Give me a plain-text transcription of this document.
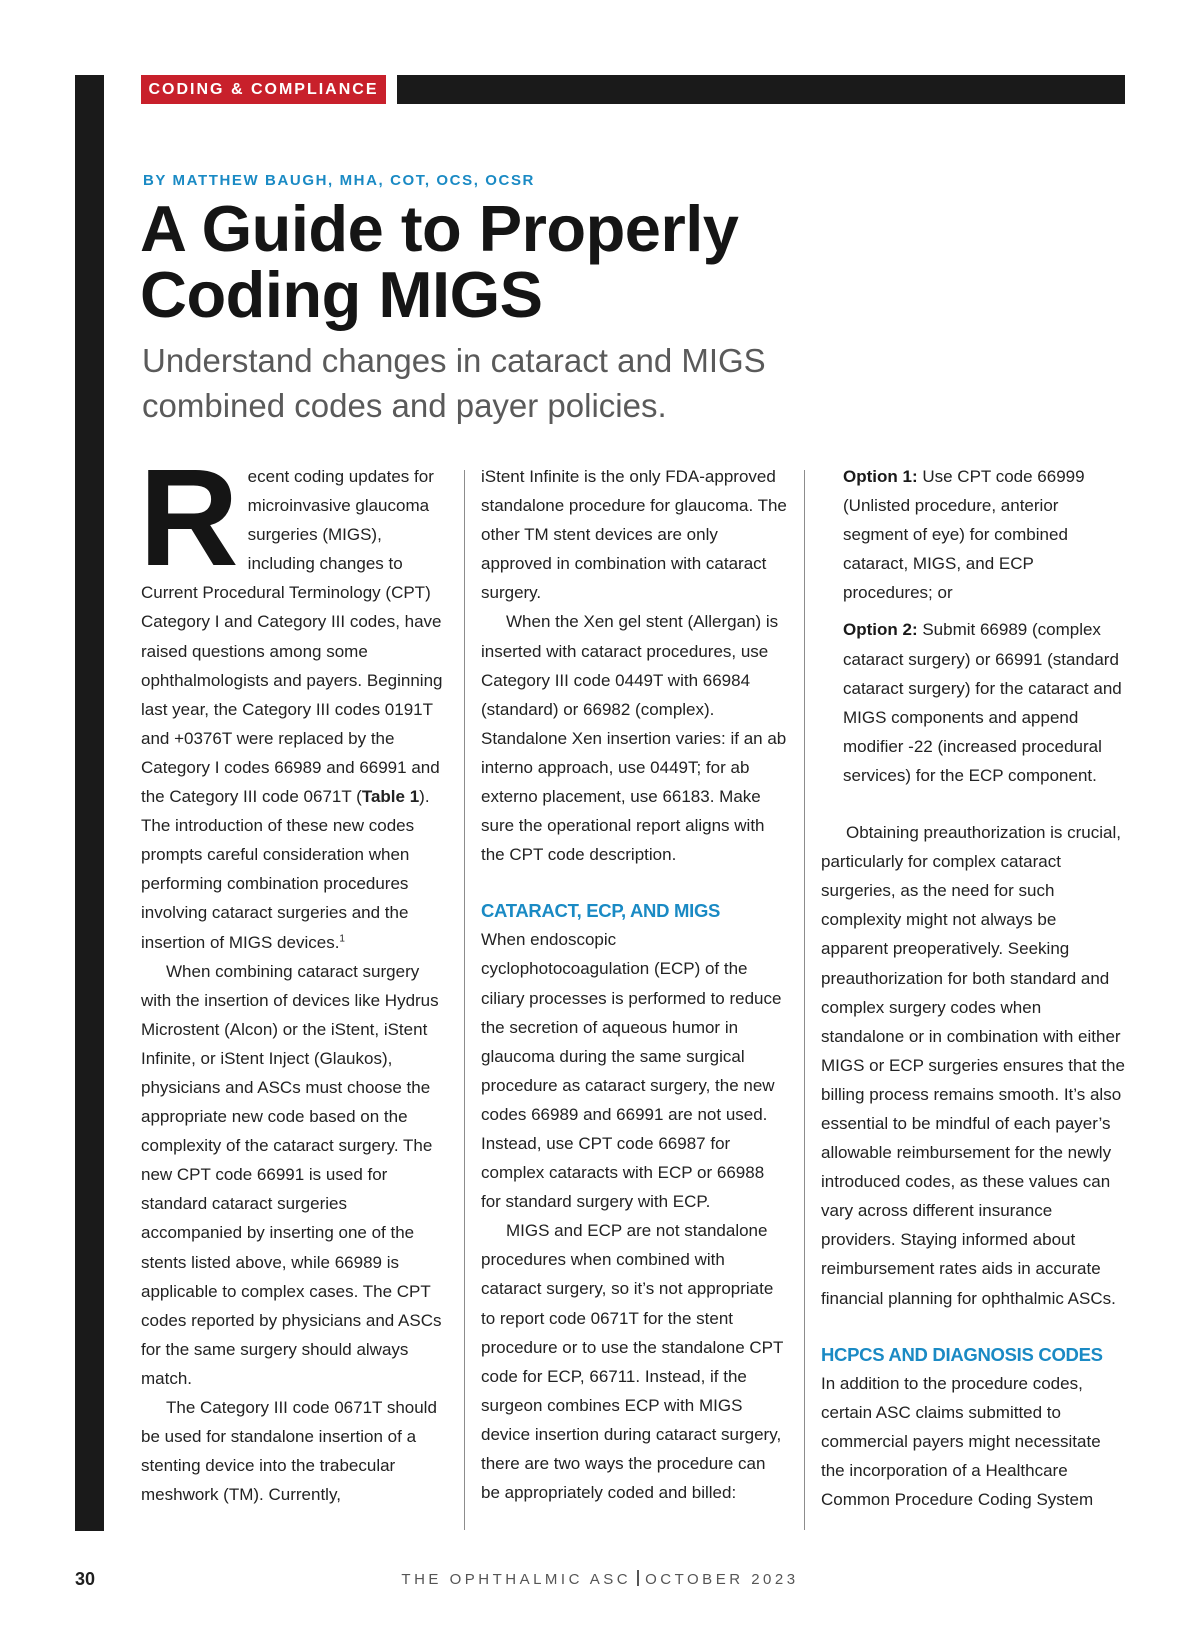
CODING & COMPLIANCE
BY MATTHEW BAUGH, MHA, COT, OCS, OCSR
A Guide to Properly Coding MIGS

Understand changes in cataract and MIGS combined codes and payer policies.

Recent coding updates for microinvasive glaucoma surgeries (MIGS), including changes to Current Procedural Terminology (CPT) Category I and Category III codes, have raised questions among some ophthalmologists and payers. Beginning last year, the Category III codes 0191T and +0376T were replaced by the Category I codes 66989 and 66991 and the Category III code 0671T (Table 1). The introduction of these new codes prompts careful consideration when performing combination procedures involving cataract surgeries and the insertion of MIGS devices.$^1$

When combining cataract surgery with the insertion of devices like Hydrus Microstent (Alcon) or the iStent, iStent Infinite, or iStent Inject (Glaukos), physicians and ASCs must choose the appropriate new code based on the complexity of the cataract surgery. The new CPT code 66991 is used for standard cataract surgeries accompanied by inserting one of the stents listed above, while 66989 is applicable to complex cases. The CPT codes reported by physicians and ASCs for the same surgery should always match.

The Category III code 0671T should be used for standalone insertion of a stenting device into the trabecular meshwork (TM). Currently,

iStent Infinite is the only FDA-approved standalone procedure for glaucoma. The other TM stent devices are only approved in combination with cataract surgery.

When the Xen gel stent (Allergan) is inserted with cataract procedures, use Category III code 0449T with 66984 (standard) or 66982 (complex). Standalone Xen insertion varies: if an ab interno approach, use 0449T; for ab externo placement, use 66183. Make sure the operational report aligns with the CPT code description.

CATARACT, ECP, AND MIGS

When endoscopic cyclophotocoagulation (ECP) of the ciliary processes is performed to reduce the secretion of aqueous humor in glaucoma during the same surgical procedure as cataract surgery, the new codes 66989 and 66991 are not used. Instead, use CPT code 66987 for complex cataracts with ECP or 66988 for standard surgery with ECP.

MIGS and ECP are not standalone procedures when combined with cataract surgery, so it’s not appropriate to report code 0671T for the stent procedure or to use the standalone CPT code for ECP, 66711. Instead, if the surgeon combines ECP with MIGS device insertion during cataract surgery, there are two ways the procedure can be appropriately coded and billed:

Option 1: Use CPT code 66999 (Unlisted procedure, anterior segment of eye) for combined cataract, MIGS, and ECP procedures; or

Option 2: Submit 66989 (complex cataract surgery) or 66991 (standard cataract surgery) for the cataract and MIGS components and append modifier -22 (increased procedural services) for the ECP component.

Obtaining preauthorization is crucial, particularly for complex cataract surgeries, as the need for such complexity might not always be apparent preoperatively. Seeking preauthorization for both standard and complex surgery codes when standalone or in combination with either MIGS or ECP surgeries ensures that the billing process remains smooth. It’s also essential to be mindful of each payer’s allowable reimbursement for the newly introduced codes, as these values can vary across different insurance providers. Staying informed about reimbursement rates aids in accurate financial planning for ophthalmic ASCs.

HCPCS AND DIAGNOSIS CODES

In addition to the procedure codes, certain ASC claims submitted to commercial payers might necessitate the incorporation of a Healthcare Common Procedure Coding System

30	THE OPHTHALMIC ASC OCTOBER 2023
